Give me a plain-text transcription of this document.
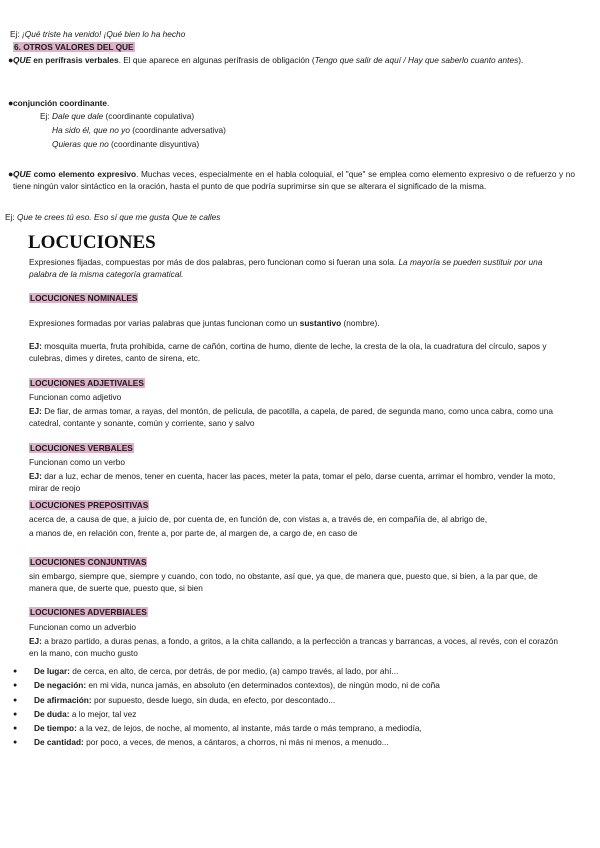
Ej: ¡Qué triste ha venido! ¡Qué bien lo ha hecho
6. OTROS VALORES DEL QUE
● QUE en perífrasis verbales. El que aparece en algunas perífrasis de obligación (Tengo que salir de aquí / Hay que saberlo cuanto antes).
● conjunción coordinante.
Ej: Dale que dale (coordinante copulativa)
Ha sido él, que no yo (coordinante adversativa)
Quieras que no (coordinante disyuntiva)
● QUE como elemento expresivo. Muchas veces, especialmente en el habla coloquial, el "que" se emplea como elemento expresivo o de refuerzo y no tiene ningún valor sintáctico en la oración, hasta el punto de que podría suprimirse sin que se alterara el significado de la misma.
Ej: Que te crees tú eso. Eso sí que me gusta Que te calles
LOCUCIONES
Expresiones fijadas, compuestas por más de dos palabras, pero funcionan como si fueran una sola. La mayoría se pueden sustituir por una palabra de la misma categoría gramatical.
LOCUCIONES NOMINALES
Expresiones formadas por varias palabras que juntas funcionan como un sustantivo (nombre).
EJ: mosquita muerta, fruta prohibida, carne de cañón, cortina de humo, diente de leche, la cresta de la ola, la cuadratura del círculo, sapos y culebras, dimes y diretes, canto de sirena, etc.
LOCUCIONES ADJETIVALES
Funcionan como adjetivo
EJ: De fiar, de armas tomar, a rayas, del montón, de película, de pacotilla, a capela, de pared, de segunda mano, como unca cabra, como una catedral, contante y sonante, común y corriente, sano y salvo
LOCUCIONES VERBALES
Funcionan como un verbo
EJ: dar a luz, echar de menos, tener en cuenta, hacer las paces, meter la pata, tomar el pelo, darse cuenta, arrimar el hombro, vender la moto, mirar de reojo
LOCUCIONES PREPOSITIVAS
acerca de, a causa de que, a juicio de, por cuenta de, en función de, con vistas a, a través de, en compañía de, al abrigo de,
a manos de, en relación con, frente a, por parte de, al margen de, a cargo de, en caso de
LOCUCIONES CONJUNTIVAS
sin embargo, siempre que, siempre y cuando, con todo, no obstante, así que, ya que, de manera que, puesto que, si bien, a la par que, de manera que, de suerte que, puesto que, si bien
LOCUCIONES ADVERBIALES
Funcionan como un adverbio
EJ: a brazo partido, a duras penas, a fondo, a gritos, a la chita callando, a la perfección a trancas y barrancas, a voces, al revés, con el corazón en la mano, con mucho gusto
● De lugar: de cerca, en alto, de cerca, por detrás, de por medio, (a) campo través, al lado, por ahí...
● De negación: en mi vida, nunca jamás, en absoluto (en determinados contextos), de ningún modo, ni de coña
● De afirmación: por supuesto, desde luego, sin duda, en efecto, por descontado...
● De duda: a lo mejor, tal vez
● De tiempo: a la vez, de lejos, de noche, al momento, al instante, más tarde o más temprano, a mediodía,
● De cantidad: por poco, a veces, de menos, a cántaros, a chorros, ni más ni menos, a menudo...
